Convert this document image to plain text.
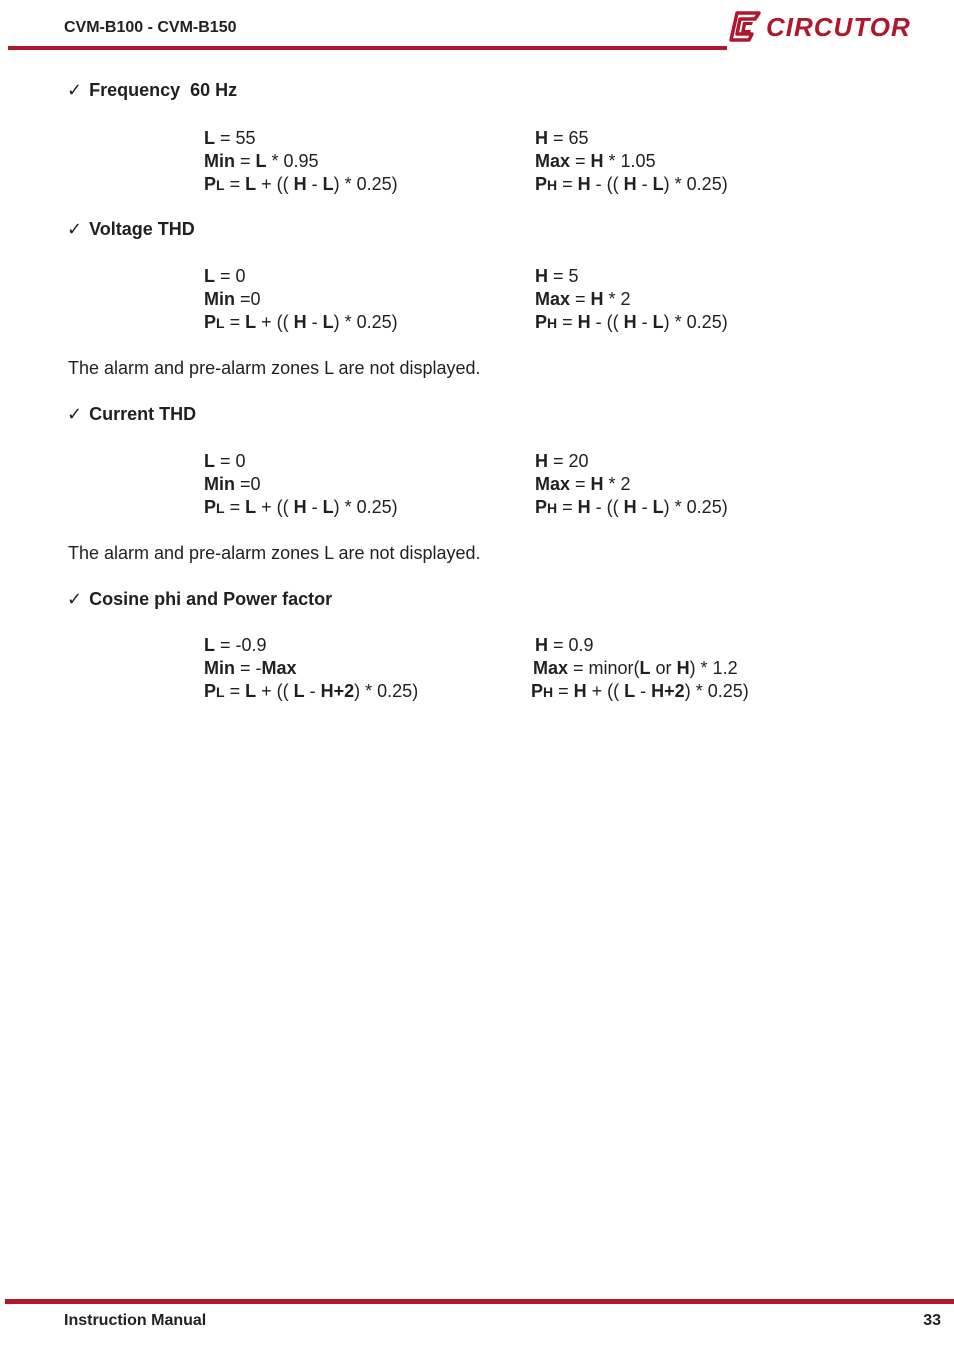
CVM-B100 - CVM-B150	CIRCUTOR
✓ Frequency  60 Hz
L = 55	H = 65
Min = L * 0.95	Max = H * 1.05
PL = L + (( H - L) * 0.25)	PH = H - (( H - L) * 0.25)
✓ Voltage THD
L = 0	H = 5
Min =0	Max = H * 2
PL = L + (( H - L) * 0.25)	PH = H - (( H - L) * 0.25)
The alarm and pre-alarm zones L are not displayed.
✓ Current THD
L = 0	H = 20
Min =0	Max = H * 2
PL = L + (( H - L) * 0.25)	PH = H - (( H - L) * 0.25)
The alarm and pre-alarm zones L are not displayed.
✓ Cosine phi and Power factor
L = -0.9	H = 0.9
Min = -Max	Max = minor(L or H) * 1.2
PL = L + (( L - H+2) * 0.25)	PH = H + (( L - H+2) * 0.25)
Instruction Manual	33
